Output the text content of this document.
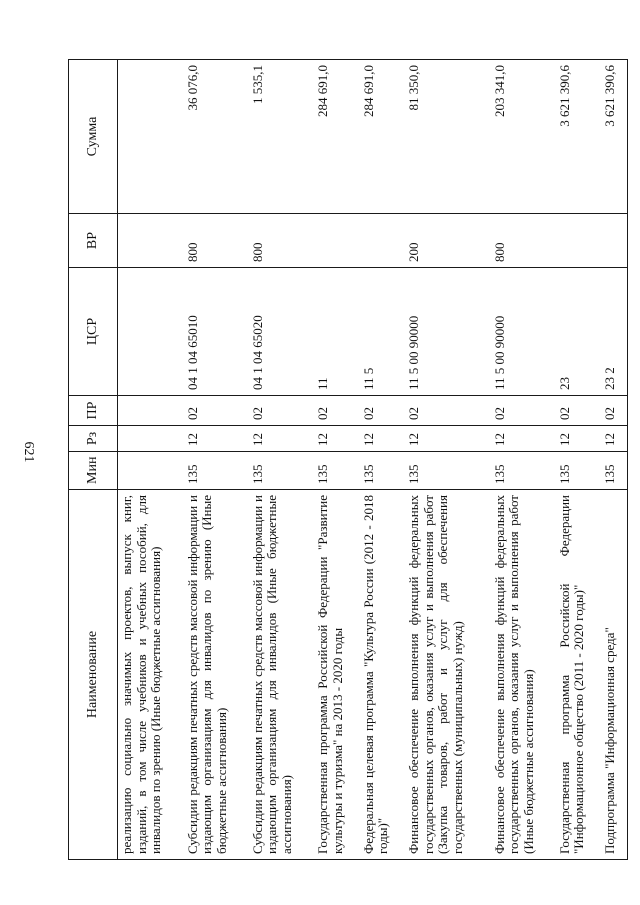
621
Наименование	Мин	Рз	ПР	ЦСР	ВР	Сумма
реализацию социально значимых проектов, выпуск книг, изданий, в том числе учебников и учебных пособий, для инвалидов по зрению (Иные бюджетные ассигнования)						
Субсидии редакциям печатных средств массовой информации и издающим организациям для инвалидов по зрению (Иные бюджетные ассигнования)	135	12	02	04 1 04 65010	800	36 076,0
Субсидии редакциям печатных средств массовой информации и издающим организациям для инвалидов (Иные бюджетные ассигнования)	135	12	02	04 1 04 65020	800	1 535,1
Государственная программа Российской Федерации "Развитие культуры и туризма" на 2013 - 2020 годы	135	12	02	11		284 691,0
Федеральная целевая программа "Культура России (2012 - 2018 годы)"	135	12	02	11 5		284 691,0
Финансовое обеспечение выполнения функций федеральных государственных органов, оказания услуг и выполнения работ (Закупка товаров, работ и услуг для обеспечения государственных (муниципальных) нужд)	135	12	02	11 5 00 90000	200	81 350,0
Финансовое обеспечение выполнения функций федеральных государственных органов, оказания услуг и выполнения работ (Иные бюджетные ассигнования)	135	12	02	11 5 00 90000	800	203 341,0
Государственная программа Российской Федерации "Информационное общество (2011 - 2020 годы)"	135	12	02	23		3 621 390,6
Подпрограмма "Информационная среда"	135	12	02	23 2		3 621 390,6
